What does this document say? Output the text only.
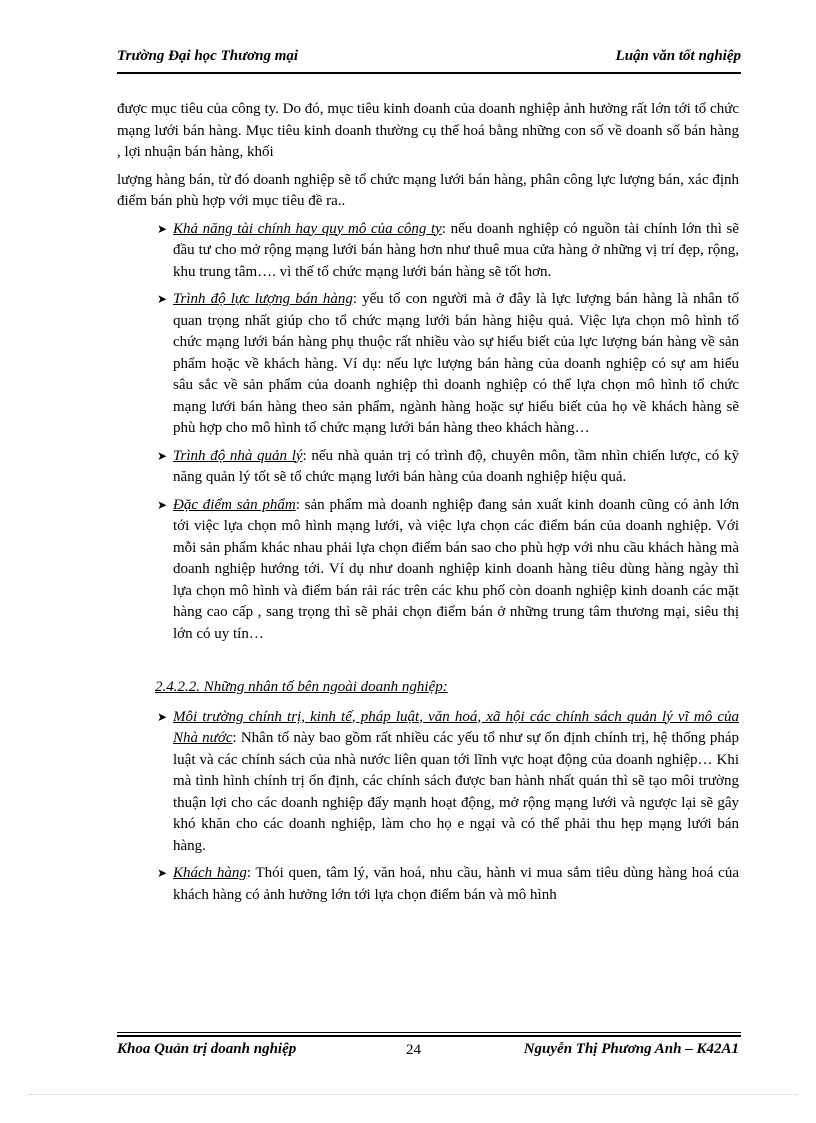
Trường Đại học Thương mại	Luận văn tốt nghiệp

được mục tiêu của công ty. Do đó, mục tiêu kinh doanh của doanh nghiệp ảnh hưởng rất lớn tới tổ chức mạng lưới bán hàng. Mục tiêu kinh doanh thường cụ thể hoá bằng những con số về doanh số bán hàng , lợi nhuận bán hàng, khối

lượng hàng bán, từ đó doanh nghiệp sẽ tổ chức mạng lưới bán hàng, phân công lực lượng bán, xác định điểm bán phù hợp với mục tiêu đề ra..

➤ Khả năng tài chính hay quy mô của công ty: nếu doanh nghiệp có nguồn tài chính lớn thì sẽ đầu tư cho mở rộng mạng lưới bán hàng hơn như thuê mua cửa hàng ở những vị trí đẹp, rộng, khu trung tâm…. vì thế tổ chức mạng lưới bán hàng sẽ tốt hơn.

➤ Trình độ lực lượng bán hàng: yếu tố con người mà ở đây là lực lượng bán hàng là nhân tố quan trọng nhất giúp cho tổ chức mạng lưới bán hàng hiệu quả. Việc lựa chọn mô hình tổ chức mạng lưới bán hàng phụ thuộc rất nhiều vào sự hiểu biết của lực lượng bán hàng về sản phẩm hoặc về khách hàng. Ví dụ: nếu lực lượng bán hàng của doanh nghiệp có sự am hiểu sâu sắc về sản phẩm của doanh nghiệp thì doanh nghiệp có thể lựa chọn mô hình tổ chức mạng lưới bán hàng theo sản phẩm, ngành hàng hoặc sự hiểu biết của họ về khách hàng sẽ phù hợp cho mô hình tổ chức mạng lưới bán hàng theo khách hàng…

➤ Trình độ nhà quản lý: nếu nhà quản trị có trình độ, chuyên môn, tầm nhìn chiến lược, có kỹ năng quản lý tốt sẽ tổ chức mạng lưới bán hàng của doanh nghiệp hiệu quả.

➤ Đặc điểm sản phẩm: sản phẩm mà doanh nghiệp đang sản xuất kinh doanh cũng có ảnh lớn tới việc lựa chọn mô hình mạng lưới, và việc lựa chọn các điểm bán của doanh nghiệp. Với mỗi sản phẩm khác nhau phải lựa chọn điểm bán sao cho phù hợp với nhu cầu khách hàng mà doanh nghiệp hướng tới. Ví dụ như doanh nghiệp kinh doanh hàng tiêu dùng hàng ngày thì lựa chọn mô hình và điểm bán rải rác trên các khu phố còn doanh nghiệp kinh doanh các mặt hàng cao cấp , sang trọng thì sẽ phải chọn điểm bán ở những trung tâm thương mại, siêu thị lớn có uy tín…

2.4.2.2. Những nhân tố bên ngoài doanh nghiệp:

➤ Môi trường chính trị, kinh tế, pháp luật, văn hoá, xã hội các chính sách quản lý vĩ mô của Nhà nước: Nhân tố này bao gồm rất nhiều các yếu tố như sự ổn định chính trị, hệ thống pháp luật và các chính sách của nhà nước liên quan tới lĩnh vực hoạt động của doanh nghiệp… Khi mà tình hình chính trị ổn định, các chính sách được ban hành nhất quán thì sẽ tạo môi trường thuận lợi cho các doanh nghiệp đẩy mạnh hoạt động, mở rộng mạng lưới và ngược lại sẽ gây khó khăn cho các doanh nghiệp, làm cho họ e ngại và có thể phải thu hẹp mạng lưới bán hàng.

➤ Khách hàng: Thói quen, tâm lý, văn hoá, nhu cầu, hành vi mua sắm tiêu dùng hàng hoá của khách hàng có ảnh hưởng lớn tới lựa chọn điểm bán và mô hình

Khoa Quản trị doanh nghiệp	24	Nguyễn Thị Phương Anh – K42A1
